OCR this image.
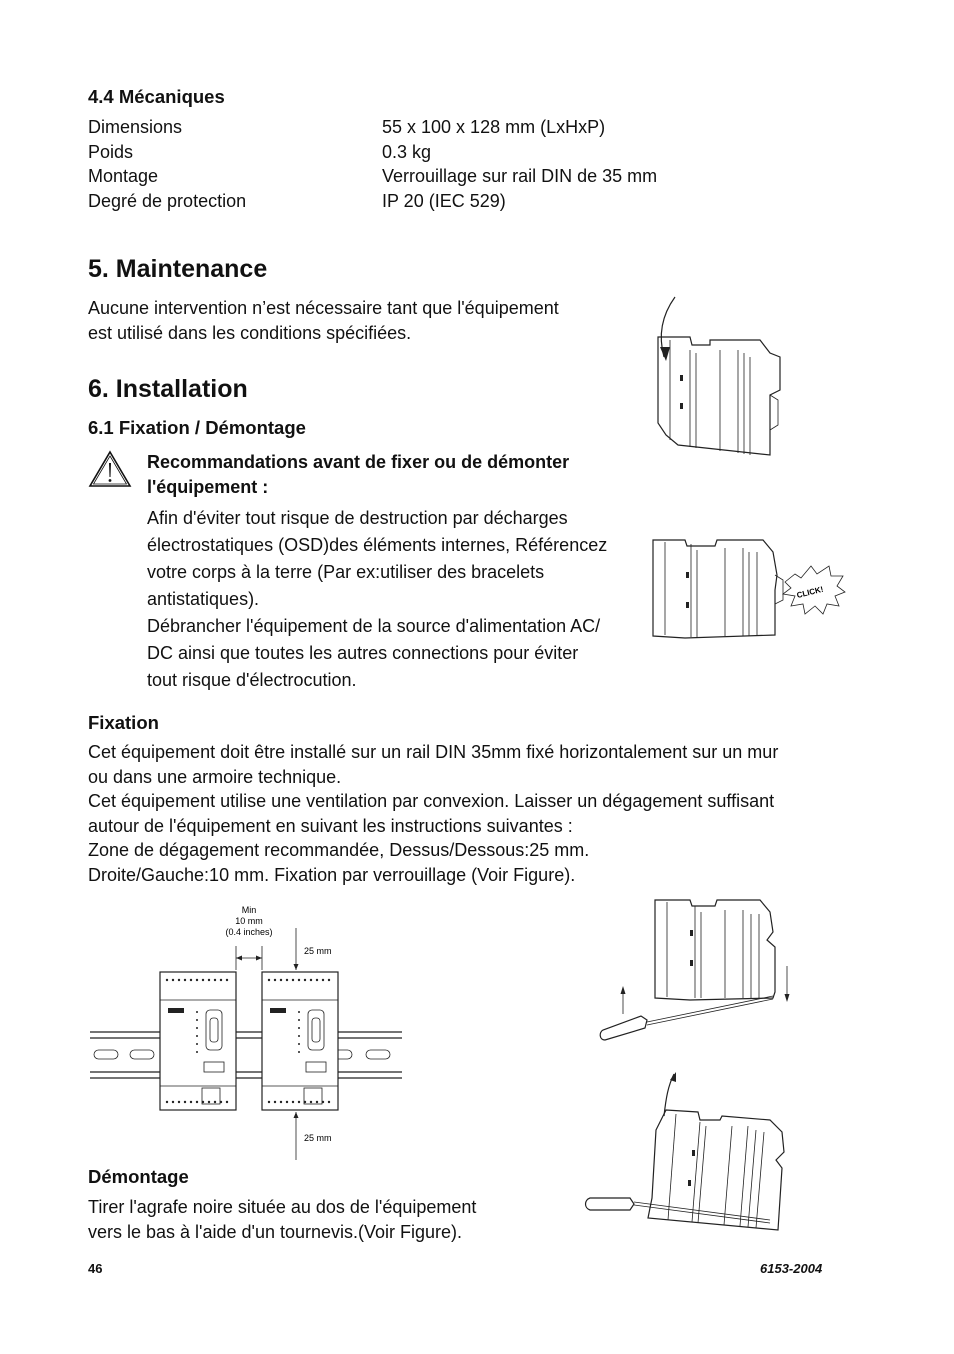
4.4 Mécaniques
Dimensions	55 x 100 x 128 mm (LxHxP)
Poids	0.3 kg
Montage	Verrouillage sur rail DIN de 35 mm
Degré de protection	IP 20 (IEC 529)
5. Maintenance
Aucune intervention n’est nécessaire tant que l'équipement
est utilisé dans les conditions spécifiées.
6. Installation
6.1 Fixation / Démontage
Recommandations avant de fixer ou de démonter
l'équipement :
Afin d'éviter tout risque de destruction par décharges
électrostatiques (OSD)des éléments internes, Référencez
votre corps à la terre (Par ex:utiliser des bracelets
antistatiques).
Débrancher l'équipement de la source d'alimentation AC/
DC ainsi que toutes les autres connections pour éviter
tout risque d'électrocution.
Fixation
Cet équipement doit être installé sur un rail DIN 35mm fixé horizontalement sur un mur
ou dans une armoire technique.
Cet équipement utilise une ventilation par convexion. Laisser un dégagement suffisant
autour de l'équipement en suivant les instructions suivantes :
Zone de dégagement recommandée, Dessus/Dessous:25 mm.
Droite/Gauche:10 mm. Fixation par verrouillage (Voir Figure).
Démontage
Tirer l'agrafe noire située au dos de l'équipement
vers le bas à l'aide d'un tournevis.(Voir Figure).
46	6153-2004
CLICK!
Min
10 mm
(0.4 inches)
25 mm
25 mm
